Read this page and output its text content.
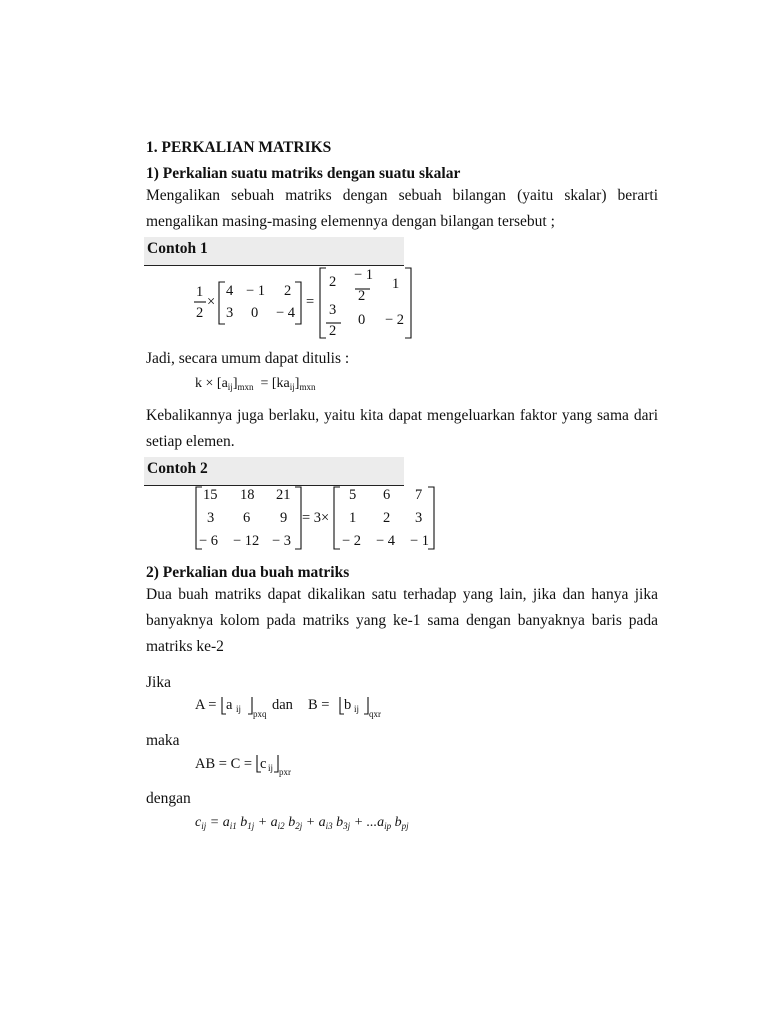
1. PERKALIAN MATRIKS
1) Perkalian suatu matriks dengan suatu skalar
Mengalikan sebuah matriks dengan sebuah bilangan (yaitu skalar) berarti
mengalikan masing-masing elemennya dengan bilangan tersebut ;
Contoh 1
1
2
×
4 − 1 2
3 0 − 4
=
2 − 1
2
1
3
2
0 − 2
Jadi, secara umum dapat ditulis :
$k \times [a_{ij}]_{mxn} = [ka_{ij}]_{mxn}$
Kebalikannya juga berlaku, yaitu kita dapat mengeluarkan faktor yang sama dari
setiap elemen.
Contoh 2
15 18 21
3 6 9
− 6 − 12 − 3
= 3×
5 6 7
1 2 3
− 2 − 4 − 1
2) Perkalian dua buah matriks
Dua buah matriks dapat dikalikan satu terhadap yang lain, jika dan hanya jika
banyaknya kolom pada matriks yang ke-1 sama dengan banyaknya baris pada
matriks ke-2
Jika
A = a ij pxq
dan B = b ij qxr
maka
AB = C = c ij pxr
dengan
$c_{ij} = a_{i1}$ $b_{1j} + a_{i2}$ $b_{2j} + a_{i3}$ $b_{3j} + ...a_{ip}$ $b_{pj}$
